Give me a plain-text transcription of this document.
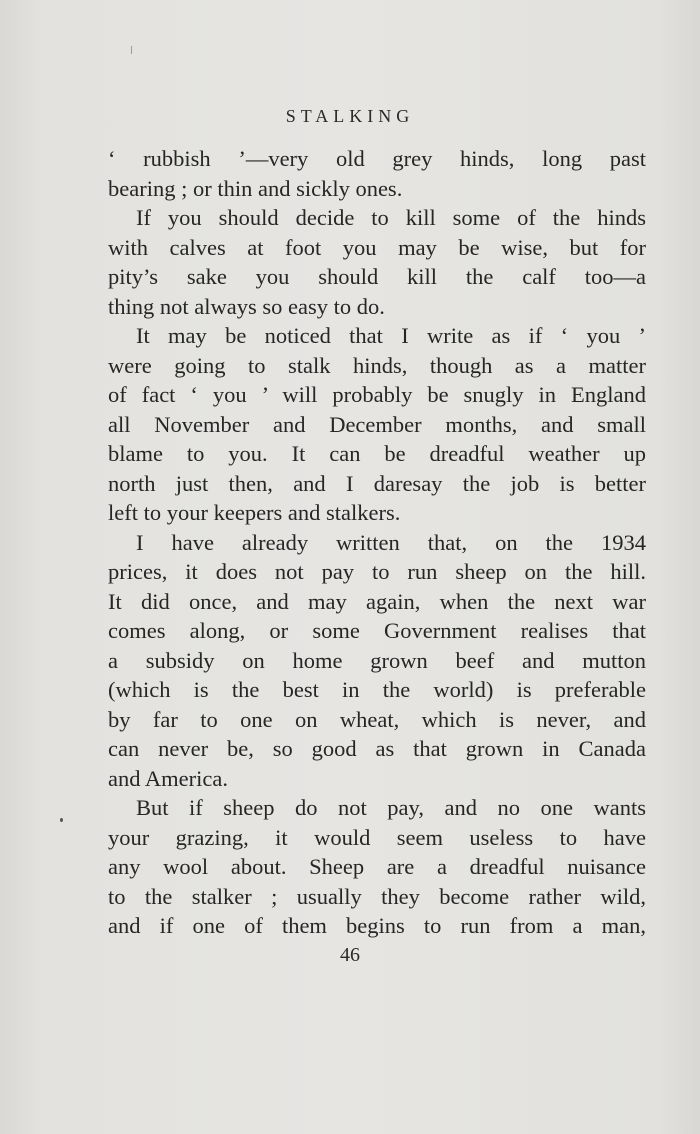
STALKING
‘ rubbish ’—very old grey hinds, long past
bearing ; or thin and sickly ones.
If you should decide to kill some of the hinds
with calves at foot you may be wise, but for
pity’s sake you should kill the calf too—a
thing not always so easy to do.
It may be noticed that I write as if ‘ you ’
were going to stalk hinds, though as a matter
of fact ‘ you ’ will probably be snugly in England
all November and December months, and small
blame to you. It can be dreadful weather up
north just then, and I daresay the job is better
left to your keepers and stalkers.
I have already written that, on the 1934
prices, it does not pay to run sheep on the hill.
It did once, and may again, when the next war
comes along, or some Government realises that
a subsidy on home grown beef and mutton
(which is the best in the world) is preferable
by far to one on wheat, which is never, and
can never be, so good as that grown in Canada
and America.
But if sheep do not pay, and no one wants
your grazing, it would seem useless to have
any wool about. Sheep are a dreadful nuisance
to the stalker ; usually they become rather wild,
and if one of them begins to run from a man,
46
